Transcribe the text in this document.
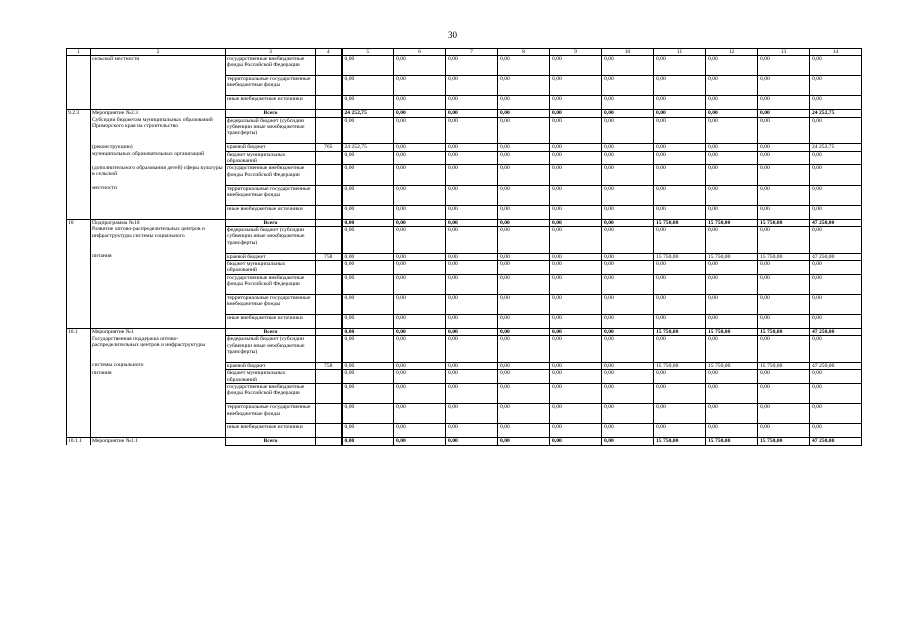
30
1	2	3	4	5	6	7	8	9	10	11	12	13	14
	сельской местности	государственные внебюджетные фонды Российской Федерации		0,00	0,00	0,00	0,00	0,00	0,00	0,00	0,00	0,00	0,00
		территориальные государственные внебюджетные фонды		0,00	0,00	0,00	0,00	0,00	0,00	0,00	0,00	0,00	0,00
		иные внебюджетные источники		0,00	0,00	0,00	0,00	0,00	0,00	0,00	0,00	0,00	0,00
9.2.3	Мероприятие №2.3	Всего		24 252,75	0,00	0,00	0,00	0,00	0,00	0,00	0,00	0,00	24 252,75
	Субсидии бюджетам муниципальных образований Приморского края на строительство	федеральный бюджет (субсидии субвенции иные межбюджетные трансферты)		0,00	0,00	0,00	0,00	0,00	0,00	0,00	0,00	0,00	0,00
	(реконструкцию)	краевой бюджет	765	24 252,75	0,00	0,00	0,00	0,00	0,00	0,00	0,00	0,00	24 252,75
	муниципальных образовательных организаций	бюджет муниципальных образований		0,00	0,00	0,00	0,00	0,00	0,00	0,00	0,00	0,00	0,00
	(дополнительного образования детей) сферы культуры в сельской	государственные внебюджетные фонды Российской Федерации		0,00	0,00	0,00	0,00	0,00	0,00	0,00	0,00	0,00	0,00
	местности	территориальные государственные внебюджетные фонды		0,00	0,00	0,00	0,00	0,00	0,00	0,00	0,00	0,00	0,00
		иные внебюджетные источники		0,00	0,00	0,00	0,00	0,00	0,00	0,00	0,00	0,00	0,00
10	Подпрограмма №10	Всего		0,00	0,00	0,00	0,00	0,00	0,00	15 750,00	15 750,00	15 750,00	47 250,00
	Развитие оптово-распределительных центров и инфраструктуры системы социального	федеральный бюджет (субсидии субвенции иные межбюджетные трансферты)		0,00	0,00	0,00	0,00	0,00	0,00	0,00	0,00	0,00	0,00
	питания	краевой бюджет	758	0,00	0,00	0,00	0,00	0,00	0,00	15 750,00	15 750,00	15 750,00	47 250,00
		бюджет муниципальных образований		0,00	0,00	0,00	0,00	0,00	0,00	0,00	0,00	0,00	0,00
		государственные внебюджетные фонды Российской Федерации		0,00	0,00	0,00	0,00	0,00	0,00	0,00	0,00	0,00	0,00
		территориальные государственные внебюджетные фонды		0,00	0,00	0,00	0,00	0,00	0,00	0,00	0,00	0,00	0,00
		иные внебюджетные источники		0,00	0,00	0,00	0,00	0,00	0,00	0,00	0,00	0,00	0,00
10.1	Мероприятие №1	Всего		0,00	0,00	0,00	0,00	0,00	0,00	15 750,00	15 750,00	15 750,00	47 250,00
	Государственная поддержка оптово-распределительных центров и инфраструктуры	федеральный бюджет (субсидии субвенции иные межбюджетные трансферты)		0,00	0,00	0,00	0,00	0,00	0,00	0,00	0,00	0,00	0,00
	системы социального	краевой бюджет	758	0,00	0,00	0,00	0,00	0,00	0,00	15 750,00	15 750,00	15 750,00	47 250,00
	питания	бюджет муниципальных образований		0,00	0,00	0,00	0,00	0,00	0,00	0,00	0,00	0,00	0,00
		государственные внебюджетные фонды Российской Федерации		0,00	0,00	0,00	0,00	0,00	0,00	0,00	0,00	0,00	0,00
		территориальные государственные внебюджетные фонды		0,00	0,00	0,00	0,00	0,00	0,00	0,00	0,00	0,00	0,00
		иные внебюджетные источники		0,00	0,00	0,00	0,00	0,00	0,00	0,00	0,00	0,00	0,00
10.1.1	Мероприятие №1.1	Всего		0,00	0,00	0,00	0,00	0,00	0,00	15 750,00	15 750,00	15 750,00	47 250,00
